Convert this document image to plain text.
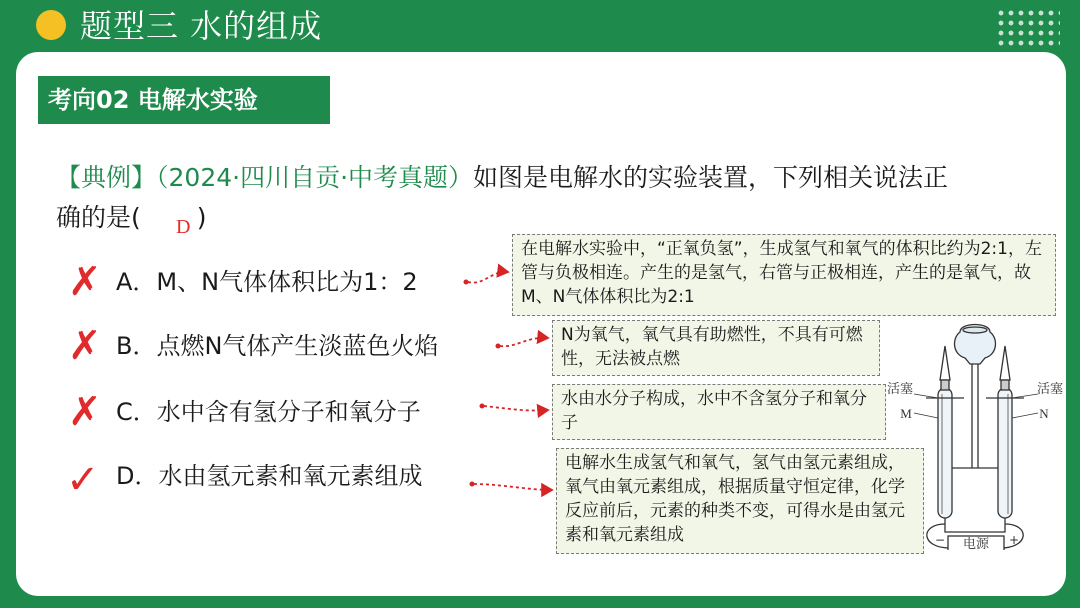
题型三 水的组成
考向02 电解水实验
【典例】（2024·四川自贡·中考真题）如图是电解水的实验装置，下列相关说法正
确的是( )
D
✗
✗
✗
✓
A．M、N气体体积比为1：2
B．点燃N气体产生淡蓝色火焰
C．水中含有氢分子和氧分子
D．水由氢元素和氧元素组成
在电解水实验中，“正氧负氢”，生成氢气和氧气的体积比约为2:1，左管与负极相连。产生的是氢气，右管与正极相连，产生的是氧气，故M、N气体体积比为2:1
N为氧气，氧气具有助燃性，不具有可燃性，无法被点燃
水由水分子构成，水中不含氢分子和氧分子
电解水生成氢气和氧气，氢气由氢元素组成，氧气由氧元素组成，根据质量守恒定律，化学反应前后，元素的种类不变，可得水是由氢元素和氧元素组成
活塞	活塞
M	N
电源
−	+
